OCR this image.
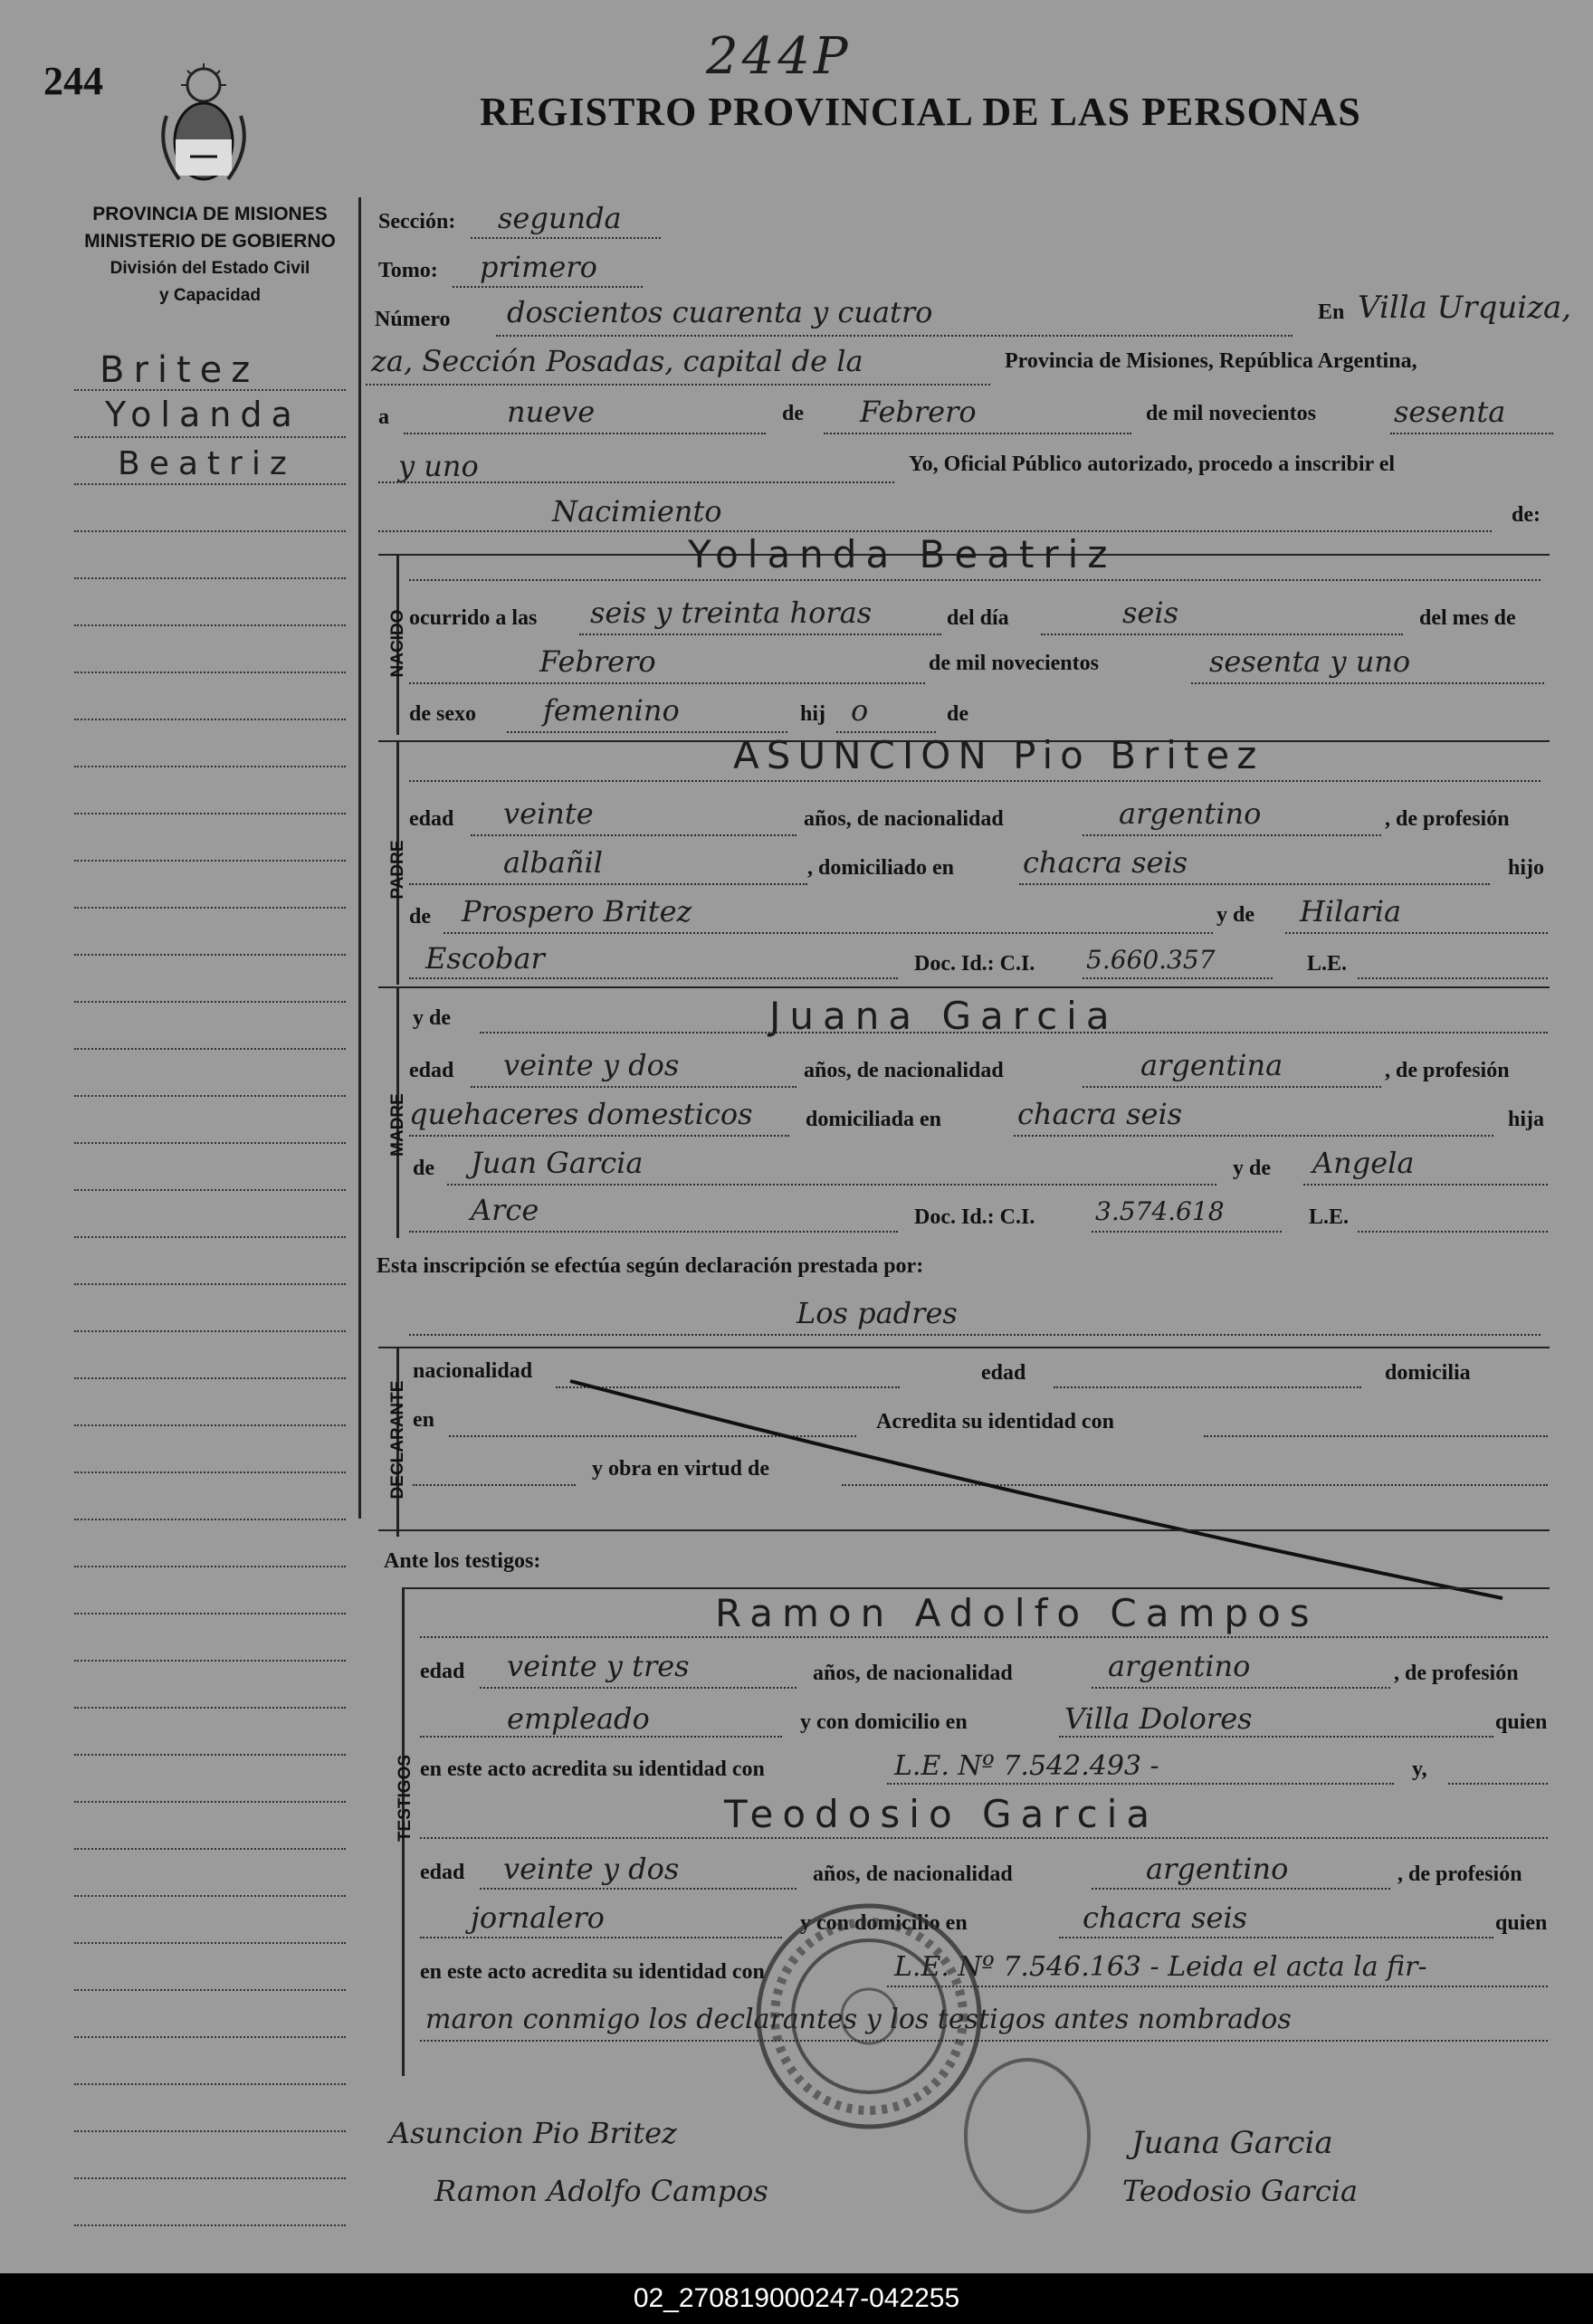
244	244P
REGISTRO PROVINCIAL DE LAS PERSONAS
PROVINCIA DE MISIONES
MINISTERIO DE GOBIERNO
División del Estado Civil
y Capacidad
Britez
Yolanda
Beatriz
Sección: segunda
Tomo: primero
Número doscientos cuarenta y cuatro	En Villa Urquiza,
za, Sección Posadas, capital de la	Provincia de Misiones, República Argentina,
a	nueve	de Febrero	de mil novecientos	sesenta
y uno	Yo, Oficial Público autorizado, procedo a inscribir el
Nacimiento	de:
NACIDO
Yolanda Beatriz
ocurrido a las seis y treinta horas	del día	seis	del mes de
Febrero	de mil novecientos	sesenta y uno
de sexo femenino	hij o	de
PADRE
ASUNCION Pio Britez
edad veinte	años, de nacionalidad	argentino	, de profesión
albañil	, domiciliado en chacra seis	hijo
de Prospero Britez	y de Hilaria
Escobar	Doc. Id.: C.I. 5.660.357	L.E.
MADRE
y de	Juana Garcia
edad veinte y dos	años, de nacionalidad	argentina	, de profesión
quehaceres domesticos domiciliada en	chacra seis	hija
de Juan Garcia	y de Angela
Arce	Doc. Id.: C.I. 3.574.618	L.E.
Esta inscripción se efectúa según declaración prestada por:
Los padres
DECLARANTE
nacionalidad	edad	domicilia
en	Acredita su identidad con
y obra en virtud de
Ante los testigos:
TESTIGOS
Ramon Adolfo Campos
edad veinte y tres	años, de nacionalidad	argentino	, de profesión
empleado	y con domicilio en	Villa Dolores	quien
en este acto acredita su identidad con	L.E. Nº 7.542.493 -	y,
Teodosio Garcia
edad veinte y dos	años, de nacionalidad	argentino	, de profesión
jornalero	y con domicilio en	chacra seis	quien
en este acto acredita su identidad con	L.E. Nº 7.546.163 - Leida el acta la fir-
maron conmigo los declarantes y los testigos antes nombrados
Asuncion Pio Britez
Ramon Adolfo Campos
Juana Garcia
Teodosio Garcia
02_270819000247-042255
